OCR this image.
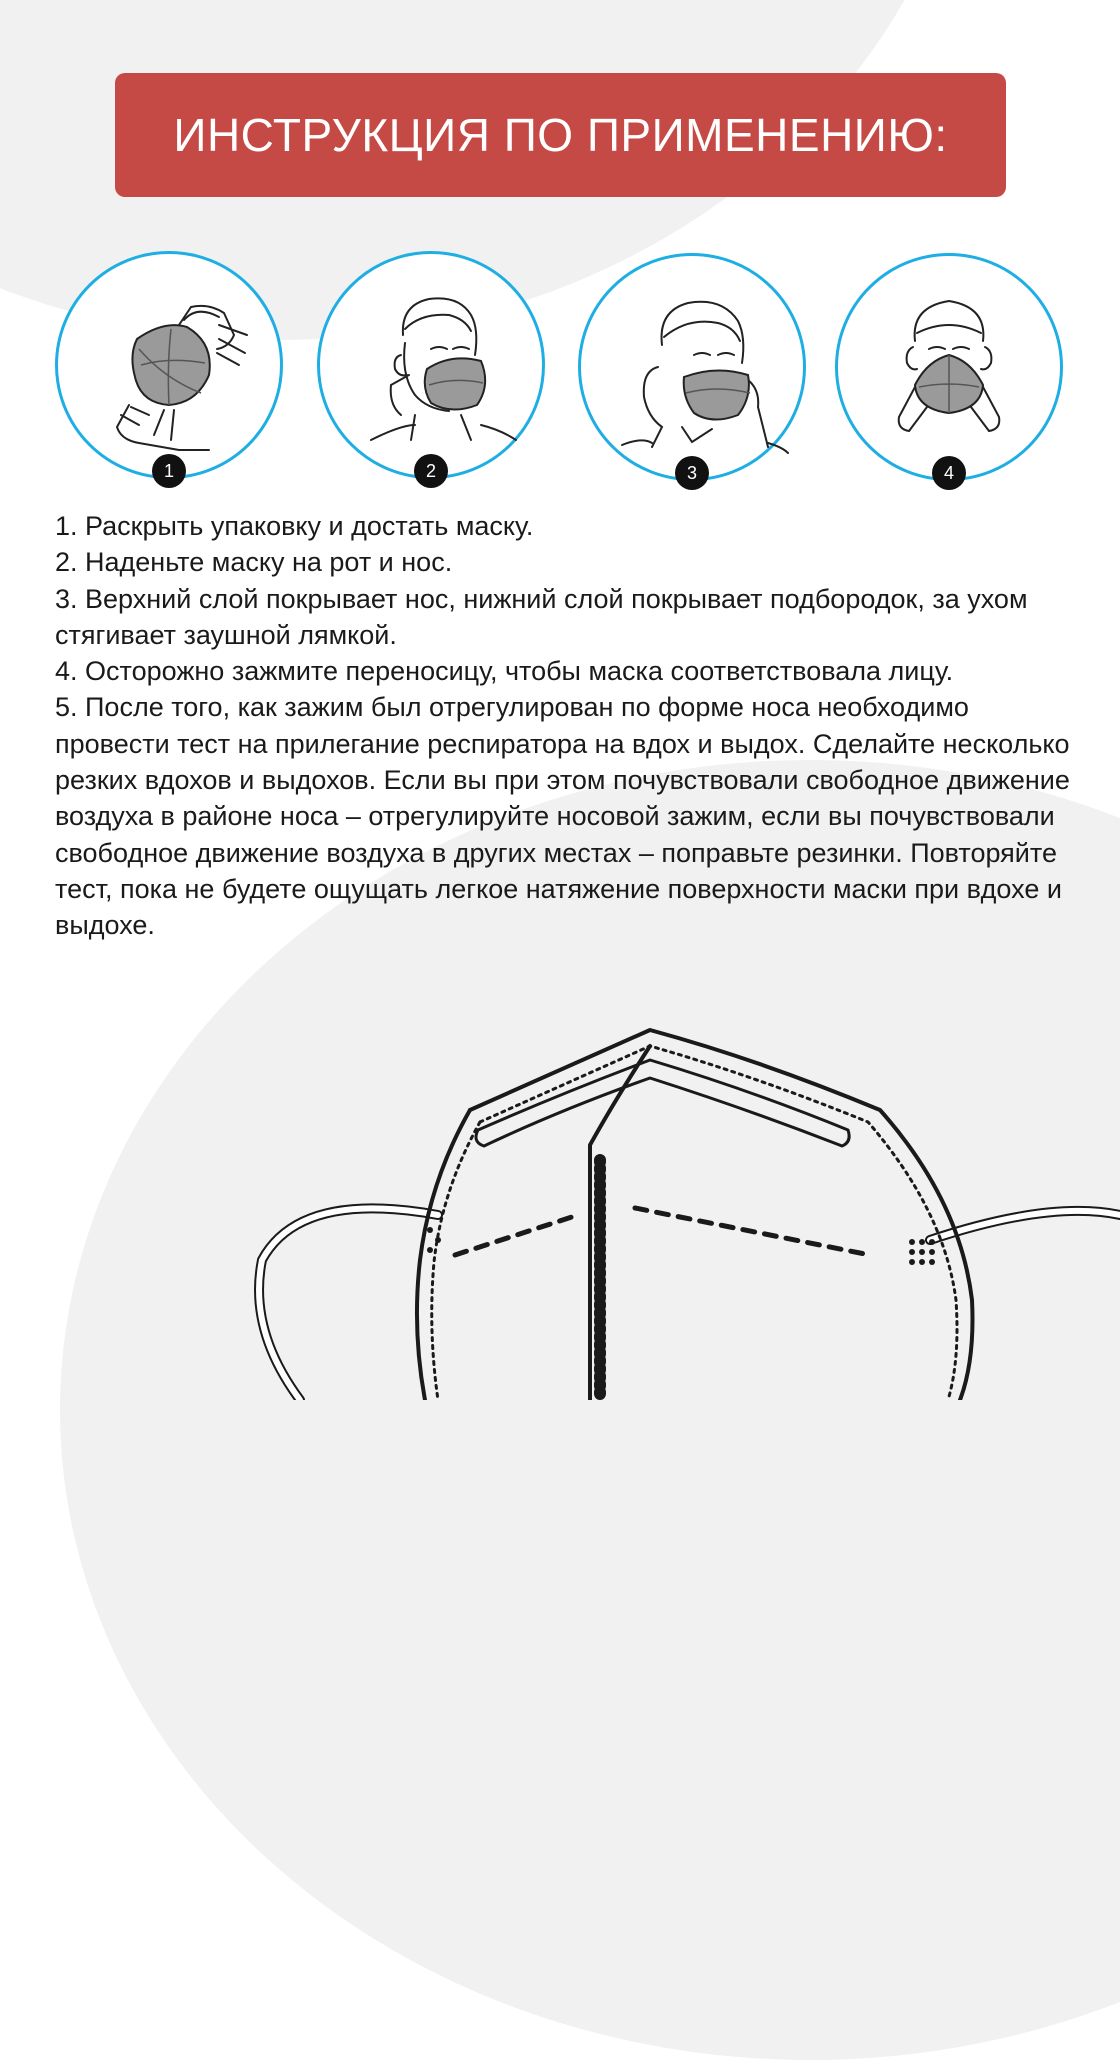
ИНСТРУКЦИЯ ПО ПРИМЕНЕНИЮ:
1	2	3	4

1. Раскрыть упаковку и достать маску.

2. Наденьте маску на рот и нос.

3. Верхний слой покрывает нос, нижний слой покрывает подбородок, за ухом стягивает заушной лямкой.

4. Осторожно зажмите переносицу, чтобы маска соответствовала лицу.

5. После того, как зажим был отрегулирован по форме носа необходимо провести тест на прилегание респиратора на вдох и выдох. Сделайте несколько резких вдохов и выдохов. Если вы при этом почувствовали свободное движение воздуха в районе носа – отрегулируйте носовой зажим, если вы почувствовали свободное движение воздуха в других местах – поправьте резинки. Повторяйте тест, пока не будете ощущать легкое натяжение поверхности маски при вдохе и выдохе.
